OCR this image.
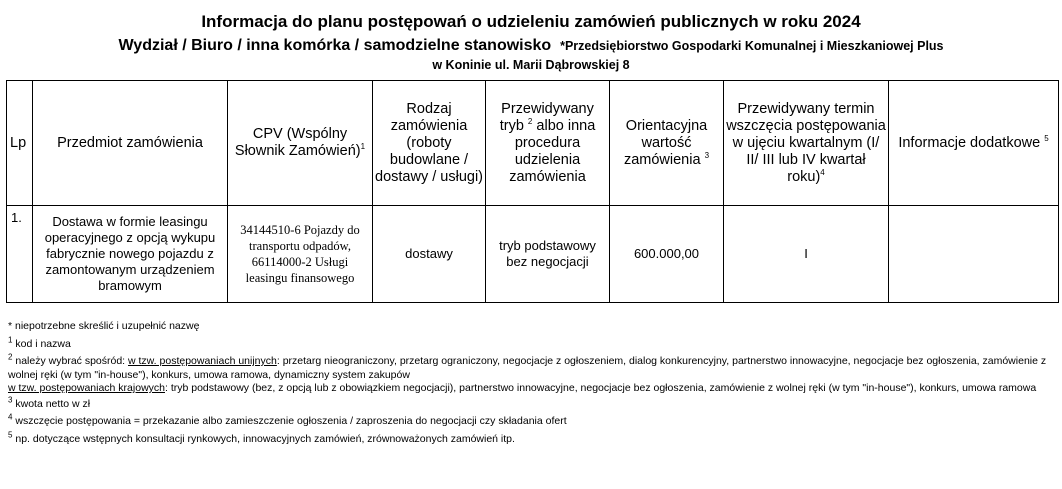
Informacja do planu postępowań o udzieleniu zamówień publicznych w roku 2024
Wydział / Biuro / inna komórka / samodzielne stanowisko *Przedsiębiorstwo Gospodarki Komunalnej i Mieszkaniowej Plus
w Koninie ul. Marii Dąbrowskiej 8
Lp	Przedmiot zamówienia	CPV (Wspólny Słownik Zamówień)$^1$	Rodzaj zamówienia (roboty budowlane / dostawy / usługi)	Przewidywany tryb $^2$ albo inna procedura udzielenia zamówienia	Orientacyjna wartość zamówienia $^3$	Przewidywany termin wszczęcia postępowania w ujęciu kwartalnym (I/ II/ III lub IV kwartał roku)$^4$	Informacje dodatkowe $^5$
1.	Dostawa w formie leasingu operacyjnego z opcją wykupu fabrycznie nowego pojazdu z zamontowanym urządzeniem bramowym	34144510-6 Pojazdy do transportu odpadów, 66114000-2 Usługi leasingu finansowego	dostawy	tryb podstawowy bez negocjacji	600.000,00	I	
* niepotrzebne skreślić i uzupełnić nazwę
$^1$ kod i nazwa
$^2$ należy wybrać spośród: w tzw. postępowaniach unijnych: przetarg nieograniczony, przetarg ograniczony, negocjacje z ogłoszeniem, dialog konkurencyjny, partnerstwo innowacyjne, negocjacje bez ogłoszenia, zamówienie z wolnej ręki (w tym "in-house"), konkurs, umowa ramowa, dynamiczny system zakupów
w tzw. postępowaniach krajowych: tryb podstawowy (bez, z opcją lub z obowiązkiem negocjacji), partnerstwo innowacyjne, negocjacje bez ogłoszenia, zamówienie z wolnej ręki (w tym "in-house"), konkurs, umowa ramowa
$^3$ kwota netto w zł
$^4$ wszczęcie postępowania = przekazanie albo zamieszczenie ogłoszenia / zaproszenia do negocjacji czy składania ofert
$^5$ np. dotyczące wstępnych konsultacji rynkowych, innowacyjnych zamówień, zrównoważonych zamówień itp.
